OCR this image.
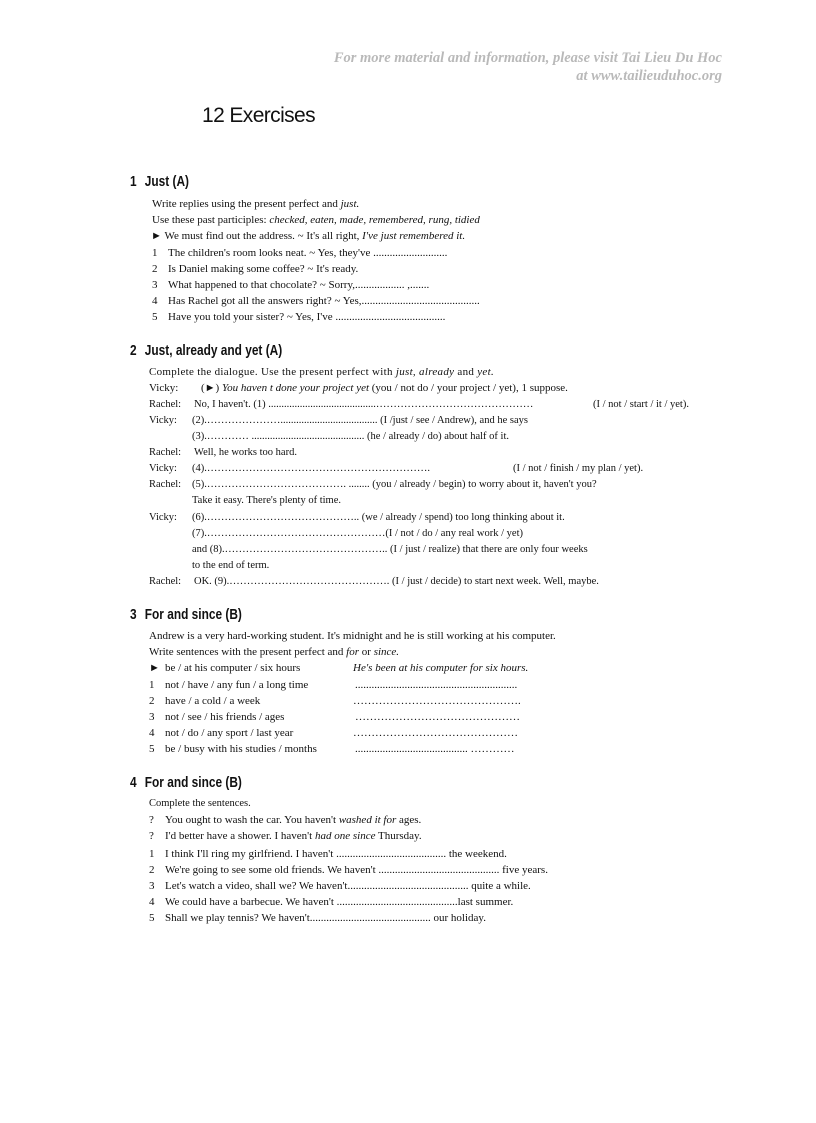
For more material and information, please visit Tai Lieu Du Hoc
at www.tailieuduhoc.org
12 Exercises
1 Just (A)
Write replies using the present perfect and just.
Use these past participles: checked, eaten, made, remembered, rung, tidied
► We must find out the address. ~ It's all right, I've just remembered it.
1 The children's room looks neat. ~ Yes, they've ...........................
2 Is Daniel making some coffee? ~ It's ready.
3 What happened to that chocolate? ~ Sorry,.................. ,.......
4 Has Rachel got all the answers right? ~ Yes,...........................................
5 Have you told your sister? ~ Yes, I've ........................................
2 Just, already and yet (A)
Complete the dialogue. Use the present perfect with just, already and yet.
Vicky: (►) You haven t done your project yet (you / not do / your project / yet), 1 suppose.
Rachel: No, I haven't. (1) .........................................………………………………………	(I / not / start / it / yet).
Vicky: (2).…………………..................................... (I /just / see / Andrew), and he says
(3).………… ........................................... (he / already / do) about half of it.
Rachel: Well, he works too hard.
Vicky: (4).……………………………………………………….	(I / not / finish / my plan / yet).
Rachel: (5).…………………………………. ........ (you / already / begin) to worry about it, haven't you?
Take it easy. There's plenty of time.
Vicky: (6).…………………………………….. (we / already / spend) too long thinking about it.
(7).……………………………………………(I / not / do / any real work / yet)
and (8).……………………………………….. (I / just / realize) that there are only four weeks
to the end of term.
Rachel: OK. (9).………………………………………. (I / just / decide) to start next week. Well, maybe.
3 For and since (B)
Andrew is a very hard-working student. It's midnight and he is still working at his computer.
Write sentences with the present perfect and for or since.
► be / at his computer / six hours	He's been at his computer for six hours.
1 not / have / any fun / a long time	...........................................................
2 have / a cold / a week	……………………………………….
3 not / see / his friends / ages	………………………………………
4 not / do / any sport / last year	………………………………………
5 be / busy with his studies / months	......................................... …………
4 For and since (B)
Complete the sentences.
? You ought to wash the car. You haven't washed it for ages.
? I'd better have a shower. I haven't had one since Thursday.
1 I think I'll ring my girlfriend. I haven't ........................................ the weekend.
2 We're going to see some old friends. We haven't ............................................ five years.
3 Let's watch a video, shall we? We haven't............................................ quite a while.
4 We could have a barbecue. We haven't ............................................last summer.
5 Shall we play tennis? We haven't............................................ our holiday.
